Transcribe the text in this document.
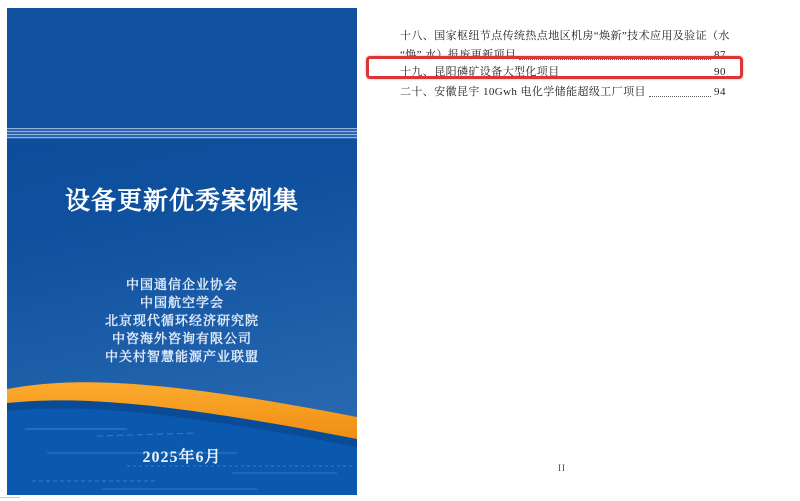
设备更新优秀案例集
中国通信企业协会
中国航空学会
北京现代循环经济研究院
中咨海外咨询有限公司
中关村智慧能源产业联盟
2025年6月
十八、国家枢纽节点传统热点地区机房“焕新”技术应用及验证（水
“焕” 水）报废更新项目	87
十九、昆阳磷矿设备大型化项目	90
二十、安徽昆宇 10Gwh 电化学储能超级工厂项目	94
II
